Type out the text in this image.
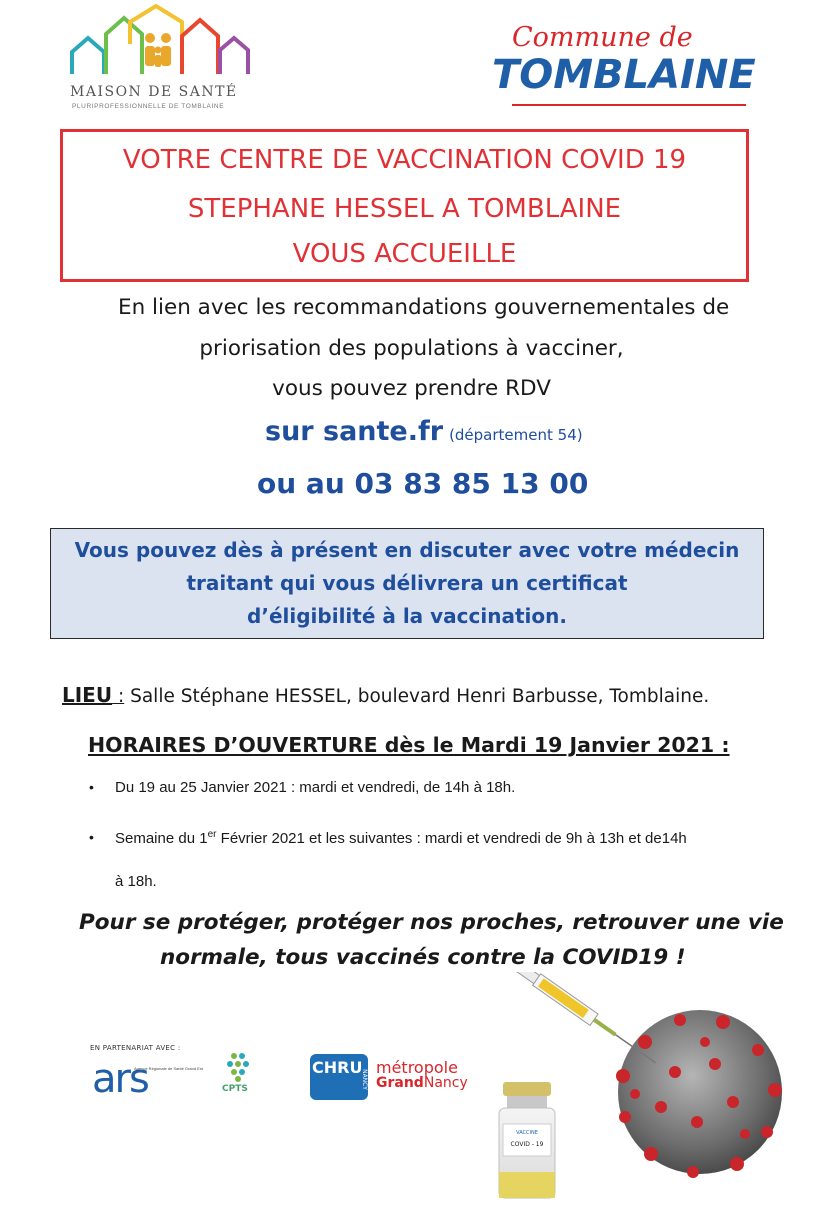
MAISON DE SANTÉ
PLURIPROFESSIONNELLE DE TOMBLAINE
Commune de
TOMBLAINE
VOTRE CENTRE DE VACCINATION COVID 19
STEPHANE HESSEL A TOMBLAINE
VOUS ACCUEILLE
En lien avec les recommandations gouvernementales de
priorisation des populations à vacciner,
vous pouvez prendre RDV
sur sante.fr (département 54)
ou au 03 83 85 13 00
Vous pouvez dès à présent en discuter avec votre médecin
traitant qui vous délivrera un certificat
d’éligibilité à la vaccination.
LIEU : Salle Stéphane HESSEL, boulevard Henri Barbusse, Tomblaine.
HORAIRES D’OUVERTURE dès le Mardi 19 Janvier 2021 :
• Du 19 au 25 Janvier 2021 : mardi et vendredi, de 14h à 18h.
• Semaine du 1er Février 2021 et les suivantes : mardi et vendredi de 9h à 13h et de14h
à 18h.
Pour se protéger, protéger nos proches, retrouver une vie
normale, tous vaccinés contre la COVID19 !
EN PARTENARIAT AVEC :
ars
Agence Régionale de Santé Grand Est
CPTS
CHRU
NANCY
métropole
GrandNancy
VACCINE
COVID - 19
